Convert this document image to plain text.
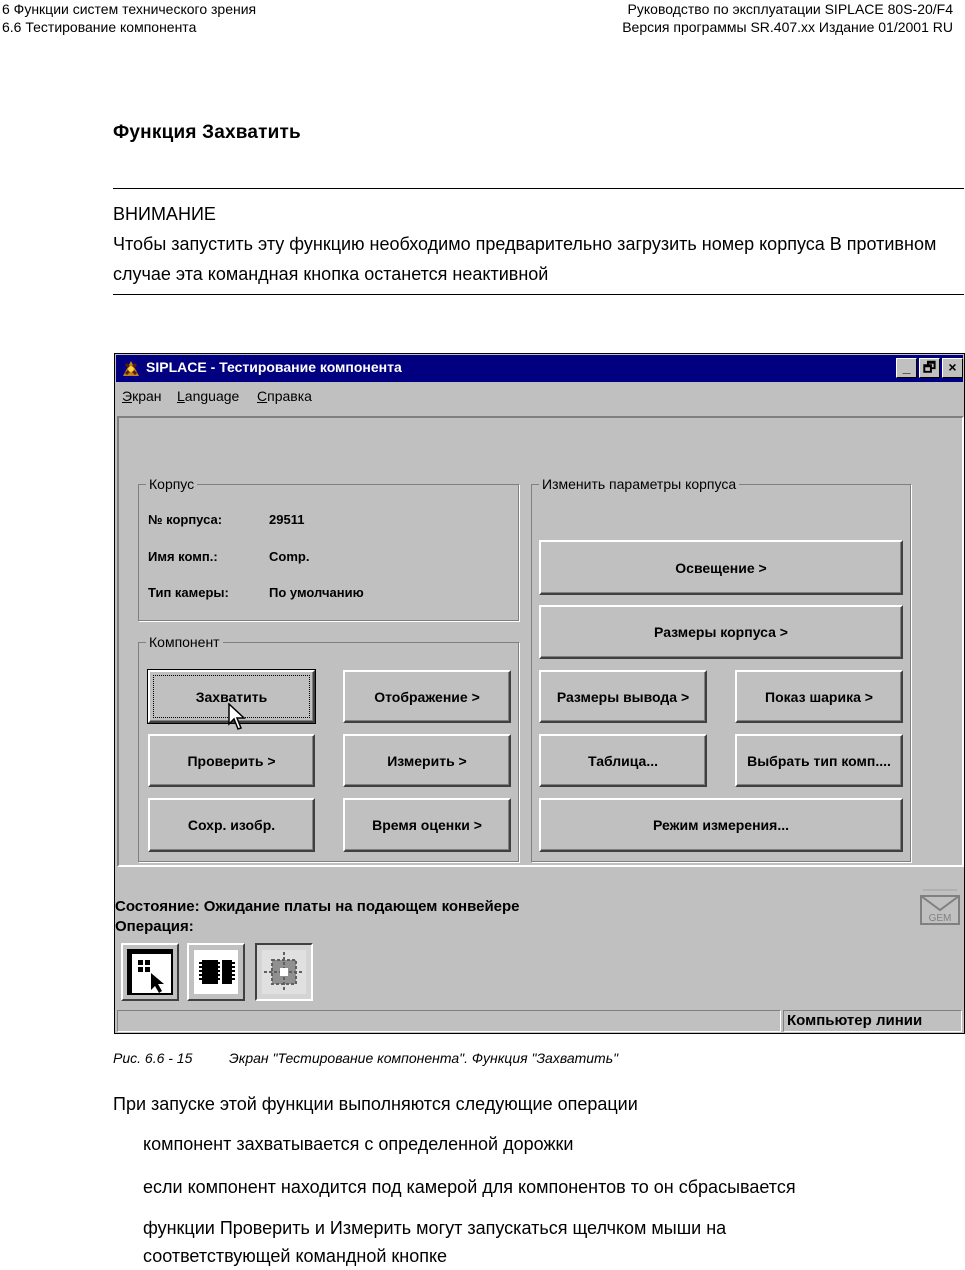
6 Функции систем технического зрения
6.6 Тестирование компонента
Руководство по эксплуатации SIPLACE 80S-20/F4
Версия программы SR.407.xx Издание 01/2001 RU
Функция Захватить
ВНИМАНИЕ
Чтобы запустить эту функцию необходимо предварительно загрузить номер корпуса В противном случае эта командная кнопка останется неактивной
SIPLACE - Тестирование компонента	_ 🗗 ×
Экран Language Справка
Корпус
№ корпуса:	29511
Имя комп.:	Comp.
Тип камеры:	По умолчанию
Компонент
Захватить	Отображение >
Проверить >	Измерить >
Сохр. изобр.	Время оценки >
Изменить параметры корпуса
Освещение >
Размеры корпуса >
Размеры вывода >	Показ шарика >
Таблица...	Выбрать тип комп....
Режим измерения...
Состояние: Ожидание платы на подающем конвейере
Операция:	GEM
Компьютер линии
Рис. 6.6 - 15	Экран "Тестирование компонента". Функция "Захватить"
При запуске этой функции выполняются следующие операции
компонент захватывается с определенной дорожки
если компонент находится под камерой для компонентов то он сбрасывается
функции Проверить и Измерить могут запускаться щелчком мыши на соответствующей командной кнопке
